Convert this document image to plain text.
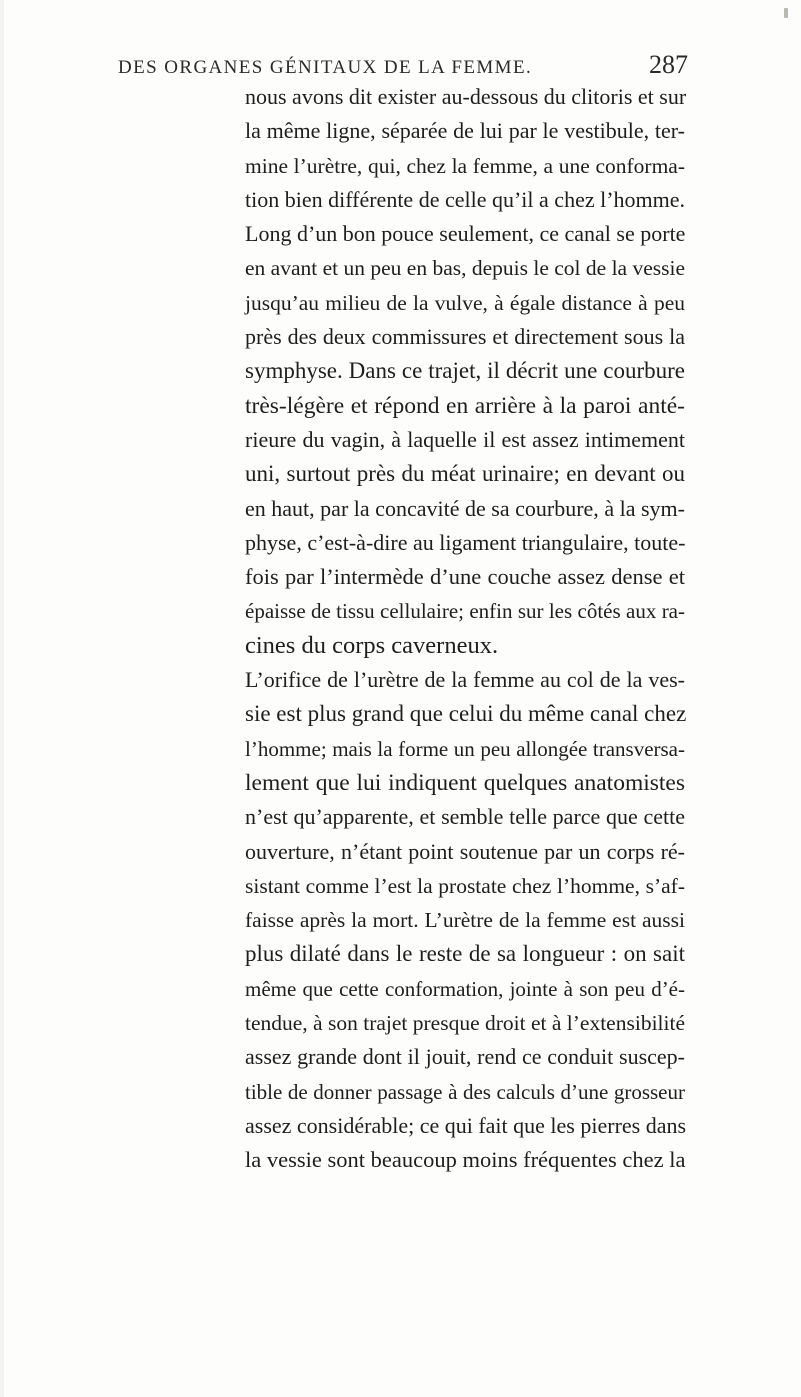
DES ORGANES GÉNITAUX DE LA FEMME.	287
nous avons dit exister au-dessous du clitoris et sur
la même ligne, séparée de lui par le vestibule, ter-
mine l’urètre, qui, chez la femme, a une conforma-
tion bien différente de celle qu’il a chez l’homme.
Long d’un bon pouce seulement, ce canal se porte
en avant et un peu en bas, depuis le col de la vessie
jusqu’au milieu de la vulve, à égale distance à peu
près des deux commissures et directement sous la
symphyse. Dans ce trajet, il décrit une courbure
très-légère et répond en arrière à la paroi anté-
rieure du vagin, à laquelle il est assez intimement
uni, surtout près du méat urinaire; en devant ou
en haut, par la concavité de sa courbure, à la sym-
physe, c’est-à-dire au ligament triangulaire, toute-
fois par l’intermède d’une couche assez dense et
épaisse de tissu cellulaire; enfin sur les côtés aux ra-
cines du corps caverneux.
L’orifice de l’urètre de la femme au col de la ves-
sie est plus grand que celui du même canal chez
l’homme; mais la forme un peu allongée transversa-
lement que lui indiquent quelques anatomistes
n’est qu’apparente, et semble telle parce que cette
ouverture, n’étant point soutenue par un corps ré-
sistant comme l’est la prostate chez l’homme, s’af-
faisse après la mort. L’urètre de la femme est aussi
plus dilaté dans le reste de sa longueur : on sait
même que cette conformation, jointe à son peu d’é-
tendue, à son trajet presque droit et à l’extensibilité
assez grande dont il jouit, rend ce conduit suscep-
tible de donner passage à des calculs d’une grosseur
assez considérable; ce qui fait que les pierres dans
la vessie sont beaucoup moins fréquentes chez la
